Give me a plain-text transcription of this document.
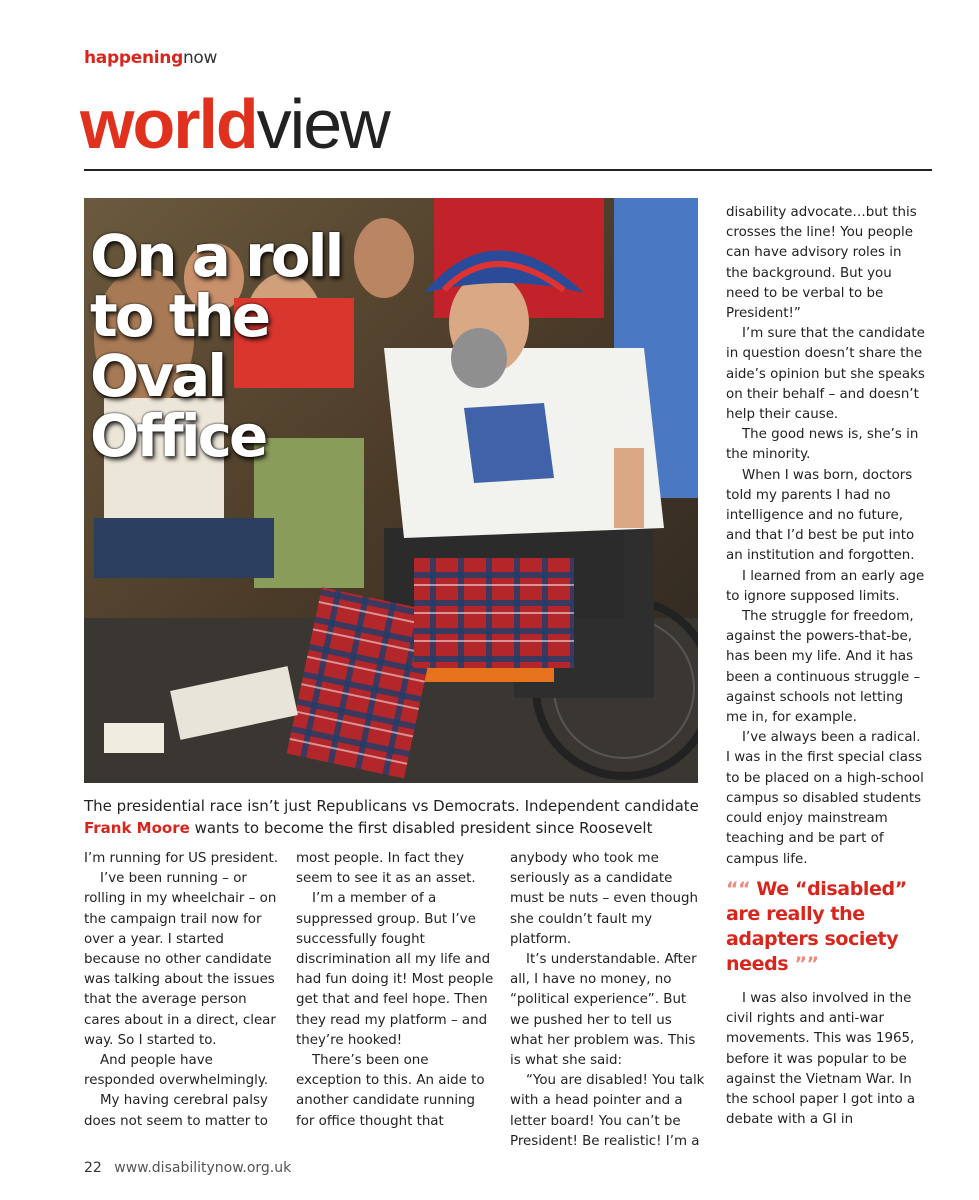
happeningnow
worldview
On a roll
to the
Oval
Office

The presidential race isn’t just Republicans vs Democrats. Independent candidate Frank Moore wants to become the first disabled president since Roosevelt

I’m running for US president.

I’ve been running – or rolling in my wheelchair – on the campaign trail now for over a year. I started because no other candidate was talking about the issues that the average person cares about in a direct, clear way. So I started to.

And people have responded overwhelmingly.

My having cerebral palsy does not seem to matter to

most people. In fact they seem to see it as an asset.

I’m a member of a suppressed group. But I’ve successfully fought discrimination all my life and had fun doing it! Most people get that and feel hope. Then they read my platform – and they’re hooked!

There’s been one exception to this. An aide to another candidate running for office thought that

anybody who took me seriously as a candidate must be nuts – even though she couldn’t fault my platform.

It’s understandable. After all, I have no money, no “political experience”. But we pushed her to tell us what her problem was. This is what she said:

“You are disabled! You talk with a head pointer and a letter board! You can’t be President! Be realistic! I’m a

disability advocate…but this crosses the line! You people can have advisory roles in the background. But you need to be verbal to be President!”

I’m sure that the candidate in question doesn’t share the aide’s opinion but she speaks on their behalf – and doesn’t help their cause.

The good news is, she’s in the minority.

When I was born, doctors told my parents I had no intelligence and no future, and that I’d best be put into an institution and forgotten.

I learned from an early age to ignore supposed limits.

The struggle for freedom, against the powers-that-be, has been my life. And it has been a continuous struggle – against schools not letting me in, for example.

I’ve always been a radical. I was in the first special class to be placed on a high-school campus so disabled students could enjoy mainstream teaching and be part of campus life.

““ We “disabled” are really the adapters society needs ””

I was also involved in the civil rights and anti-war movements. This was 1965, before it was popular to be against the Vietnam War. In the school paper I got into a debate with a GI in

22 www.disabilitynow.org.uk
